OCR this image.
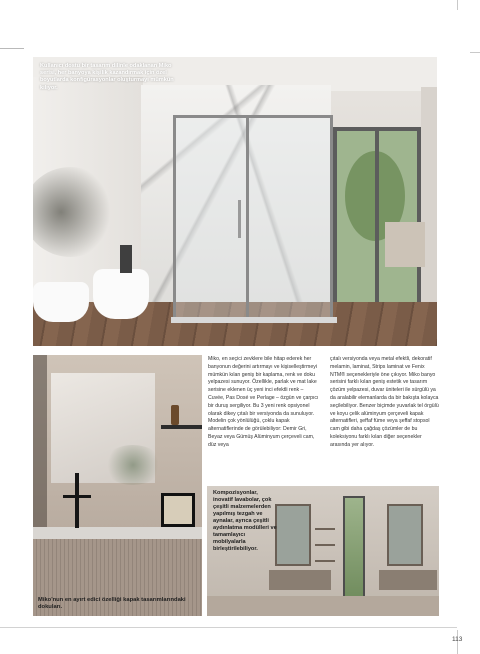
Kullanıcı dostu bir tasarım dilinle odaklanan Miko serisi, her banyoya kişilik kazandırmak için özel boyutlarda konfigürasyonlar oluşturmayı mümkün kılıyor.

Miko'nun en ayırt edici özelliği kapak tasarımlarındaki dokuları.

Miko, en seçici zevklere bile hitap ederek her banyonun değerini artırmayı ve kişiselleştirmeyi mümkün kılan geniş bir kaplama, renk ve doku yelpazesi sunuyor. Özellikle, parlak ve mat lake serisine eklenen üç yeni inci efektli renk – Cuvée, Pas Dosé ve Perlage – özgün ve çarpıcı bir duruş sergiliyor. Bu 3 yeni renk opsiyonel olarak dikey çıtalı bir versiyonda da sunuluyor. Modelin çok yönlülüğü, çoklu kapak alternatiflerinde de görülebiliyor: Demir Gri, Beyaz veya Gümüş Alüminyum çerçeveli cam, düz veya

çıtalı versiyonda veya metal efektli, dekoratif melamin, laminat, Strips laminat ve Fenix NTM® seçenekleriyle öne çıkıyor. Miko banyo serisini farklı kılan geniş estetik ve tasarım çözüm yelpazesi, duvar üniteleri ile sürgülü ya da aralabilir elemanlarda da bir bakışta kolayca seçilebiliyor. Benzer biçimde yuvarlak tel örgülü ve koyu çelik alüminyum çerçeveli kapak alternatifleri, şeffaf füme veya şeffaf stopsol cam gibi daha çağdaş çözümler de bu koleksiyonu farklı kılan diğer seçenekler arasında yer alıyor.

Kompozisyonlar, inovatif lavabolar, çok çeşitli malzemelerden yapılmış tezgah ve aynalar, ayrıca çeşitli aydınlatma modülleri ve tamamlayıcı mobilyalarla birleştirilebiliyor.

113
